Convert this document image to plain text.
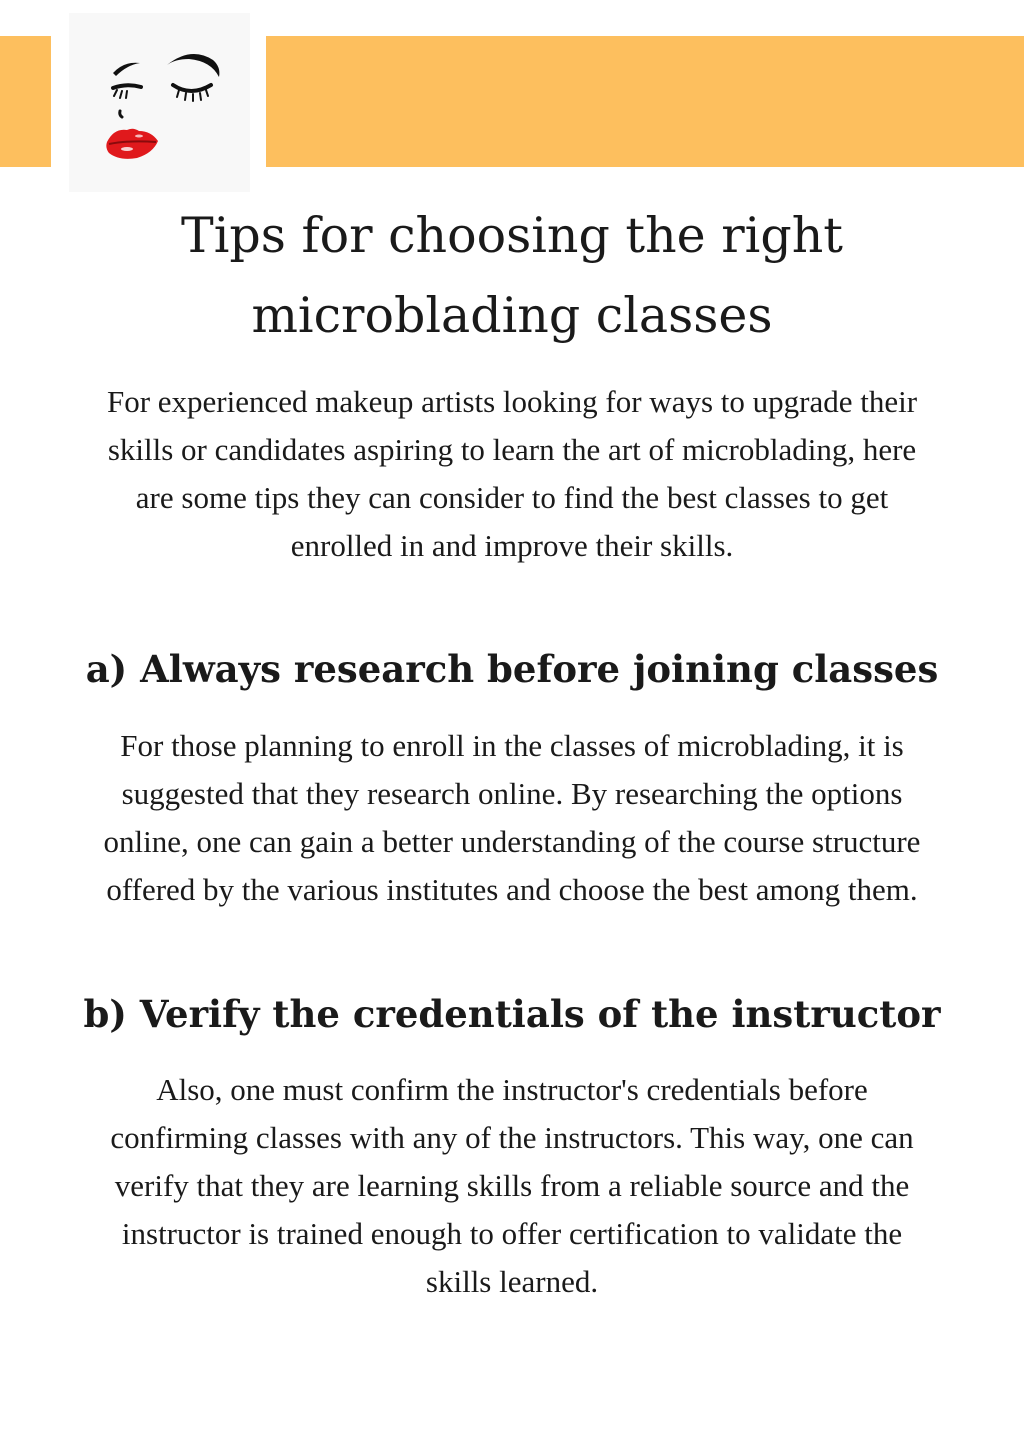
Tips for choosing the right
microblading classes

For experienced makeup artists looking for ways to upgrade their skills or candidates aspiring to learn the art of microblading, here are some tips they can consider to find the best classes to get enrolled in and improve their skills.

a) Always research before joining classes

For those planning to enroll in the classes of microblading, it is suggested that they research online. By researching the options online, one can gain a better understanding of the course structure offered by the various institutes and choose the best among them.

b) Verify the credentials of the instructor

Also, one must confirm the instructor's credentials before confirming classes with any of the instructors. This way, one can verify that they are learning skills from a reliable source and the instructor is trained enough to offer certification to validate the skills learned.
